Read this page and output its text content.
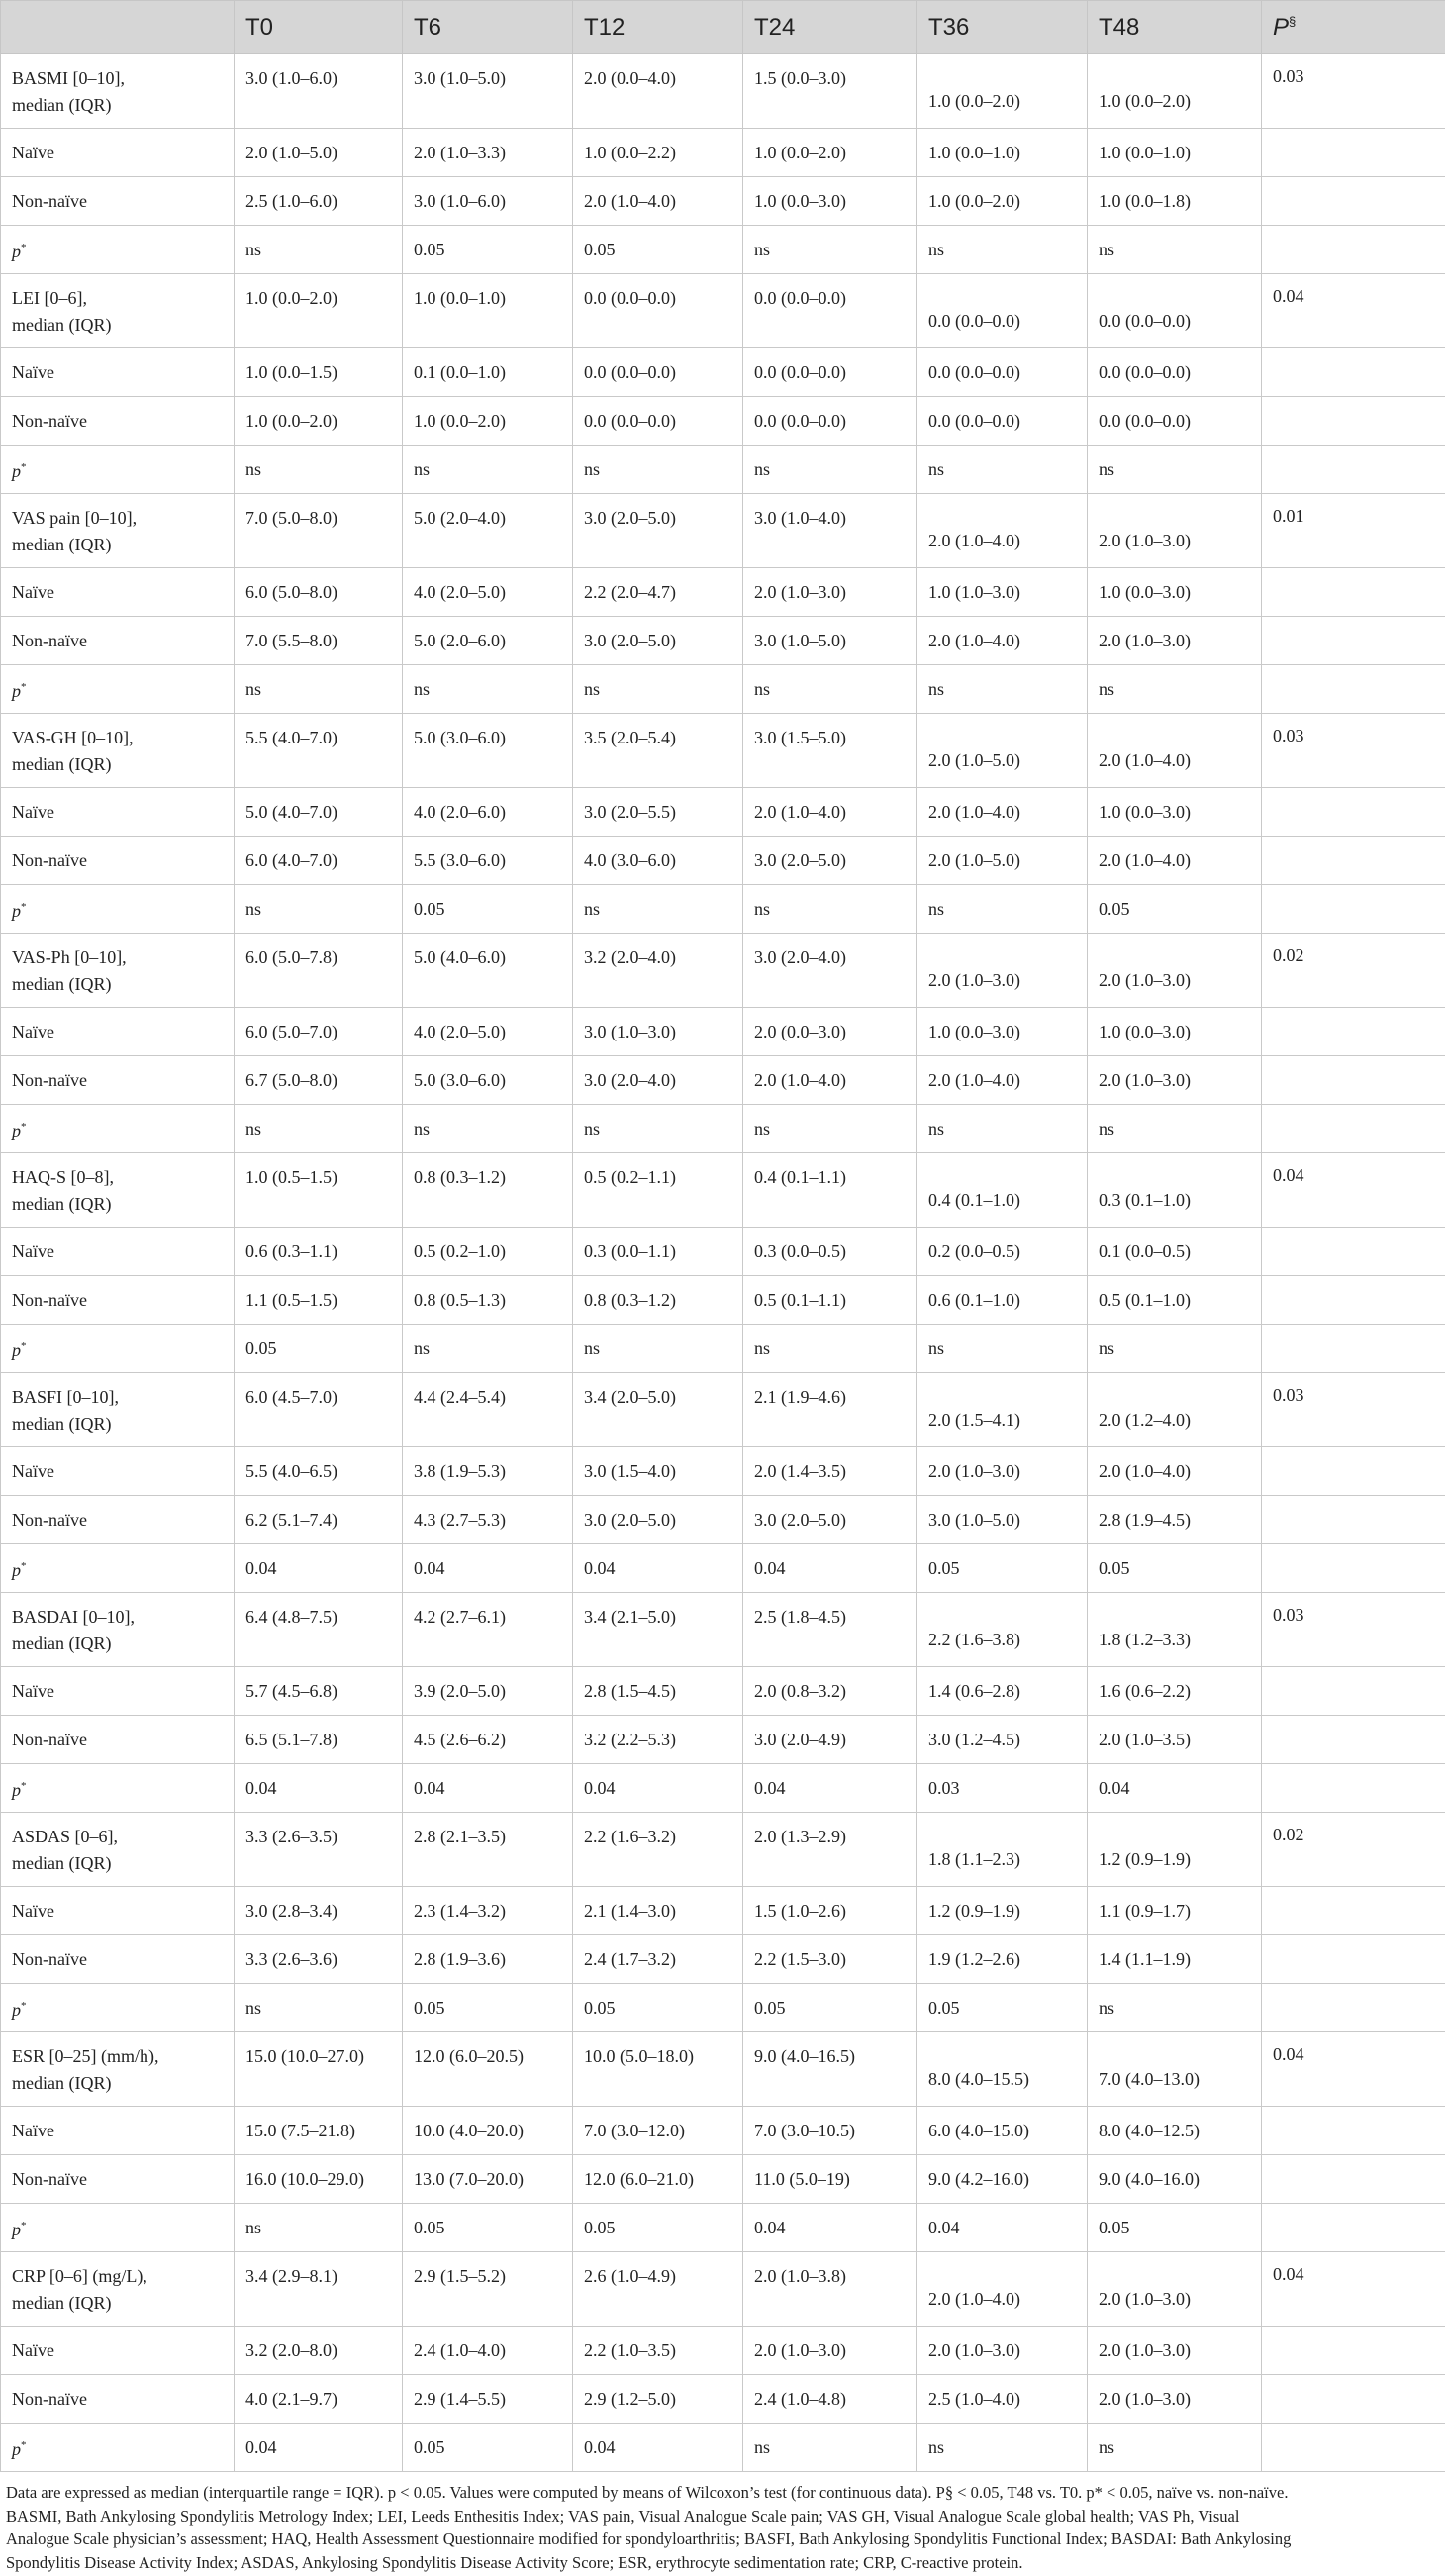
	T0	T6	T12	T24	T36	T48	P§
BASMI [0–10],
median (IQR)	3.0 (1.0–6.0)	3.0 (1.0–5.0)	2.0 (0.0–4.0)	1.5 (0.0–3.0)	1.0 (0.0–2.0)	1.0 (0.0–2.0)	0.03
Naïve	2.0 (1.0–5.0)	2.0 (1.0–3.3)	1.0 (0.0–2.2)	1.0 (0.0–2.0)	1.0 (0.0–1.0)	1.0 (0.0–1.0)	
Non-naïve	2.5 (1.0–6.0)	3.0 (1.0–6.0)	2.0 (1.0–4.0)	1.0 (0.0–3.0)	1.0 (0.0–2.0)	1.0 (0.0–1.8)	
p*	ns	0.05	0.05	ns	ns	ns	
LEI [0–6],
median (IQR)	1.0 (0.0–2.0)	1.0 (0.0–1.0)	0.0 (0.0–0.0)	0.0 (0.0–0.0)	0.0 (0.0–0.0)	0.0 (0.0–0.0)	0.04
Naïve	1.0 (0.0–1.5)	0.1 (0.0–1.0)	0.0 (0.0–0.0)	0.0 (0.0–0.0)	0.0 (0.0–0.0)	0.0 (0.0–0.0)	
Non-naïve	1.0 (0.0–2.0)	1.0 (0.0–2.0)	0.0 (0.0–0.0)	0.0 (0.0–0.0)	0.0 (0.0–0.0)	0.0 (0.0–0.0)	
p*	ns	ns	ns	ns	ns	ns	
VAS pain [0–10],
median (IQR)	7.0 (5.0–8.0)	5.0 (2.0–4.0)	3.0 (2.0–5.0)	3.0 (1.0–4.0)	2.0 (1.0–4.0)	2.0 (1.0–3.0)	0.01
Naïve	6.0 (5.0–8.0)	4.0 (2.0–5.0)	2.2 (2.0–4.7)	2.0 (1.0–3.0)	1.0 (1.0–3.0)	1.0 (0.0–3.0)	
Non-naïve	7.0 (5.5–8.0)	5.0 (2.0–6.0)	3.0 (2.0–5.0)	3.0 (1.0–5.0)	2.0 (1.0–4.0)	2.0 (1.0–3.0)	
p*	ns	ns	ns	ns	ns	ns	
VAS-GH [0–10],
median (IQR)	5.5 (4.0–7.0)	5.0 (3.0–6.0)	3.5 (2.0–5.4)	3.0 (1.5–5.0)	2.0 (1.0–5.0)	2.0 (1.0–4.0)	0.03
Naïve	5.0 (4.0–7.0)	4.0 (2.0–6.0)	3.0 (2.0–5.5)	2.0 (1.0–4.0)	2.0 (1.0–4.0)	1.0 (0.0–3.0)	
Non-naïve	6.0 (4.0–7.0)	5.5 (3.0–6.0)	4.0 (3.0–6.0)	3.0 (2.0–5.0)	2.0 (1.0–5.0)	2.0 (1.0–4.0)	
p*	ns	0.05	ns	ns	ns	0.05	
VAS-Ph [0–10],
median (IQR)	6.0 (5.0–7.8)	5.0 (4.0–6.0)	3.2 (2.0–4.0)	3.0 (2.0–4.0)	2.0 (1.0–3.0)	2.0 (1.0–3.0)	0.02
Naïve	6.0 (5.0–7.0)	4.0 (2.0–5.0)	3.0 (1.0–3.0)	2.0 (0.0–3.0)	1.0 (0.0–3.0)	1.0 (0.0–3.0)	
Non-naïve	6.7 (5.0–8.0)	5.0 (3.0–6.0)	3.0 (2.0–4.0)	2.0 (1.0–4.0)	2.0 (1.0–4.0)	2.0 (1.0–3.0)	
p*	ns	ns	ns	ns	ns	ns	
HAQ-S [0–8],
median (IQR)	1.0 (0.5–1.5)	0.8 (0.3–1.2)	0.5 (0.2–1.1)	0.4 (0.1–1.1)	0.4 (0.1–1.0)	0.3 (0.1–1.0)	0.04
Naïve	0.6 (0.3–1.1)	0.5 (0.2–1.0)	0.3 (0.0–1.1)	0.3 (0.0–0.5)	0.2 (0.0–0.5)	0.1 (0.0–0.5)	
Non-naïve	1.1 (0.5–1.5)	0.8 (0.5–1.3)	0.8 (0.3–1.2)	0.5 (0.1–1.1)	0.6 (0.1–1.0)	0.5 (0.1–1.0)	
p*	0.05	ns	ns	ns	ns	ns	
BASFI [0–10],
median (IQR)	6.0 (4.5–7.0)	4.4 (2.4–5.4)	3.4 (2.0–5.0)	2.1 (1.9–4.6)	2.0 (1.5–4.1)	2.0 (1.2–4.0)	0.03
Naïve	5.5 (4.0–6.5)	3.8 (1.9–5.3)	3.0 (1.5–4.0)	2.0 (1.4–3.5)	2.0 (1.0–3.0)	2.0 (1.0–4.0)	
Non-naïve	6.2 (5.1–7.4)	4.3 (2.7–5.3)	3.0 (2.0–5.0)	3.0 (2.0–5.0)	3.0 (1.0–5.0)	2.8 (1.9–4.5)	
p*	0.04	0.04	0.04	0.04	0.05	0.05	
BASDAI [0–10],
median (IQR)	6.4 (4.8–7.5)	4.2 (2.7–6.1)	3.4 (2.1–5.0)	2.5 (1.8–4.5)	2.2 (1.6–3.8)	1.8 (1.2–3.3)	0.03
Naïve	5.7 (4.5–6.8)	3.9 (2.0–5.0)	2.8 (1.5–4.5)	2.0 (0.8–3.2)	1.4 (0.6–2.8)	1.6 (0.6–2.2)	
Non-naïve	6.5 (5.1–7.8)	4.5 (2.6–6.2)	3.2 (2.2–5.3)	3.0 (2.0–4.9)	3.0 (1.2–4.5)	2.0 (1.0–3.5)	
p*	0.04	0.04	0.04	0.04	0.03	0.04	
ASDAS [0–6],
median (IQR)	3.3 (2.6–3.5)	2.8 (2.1–3.5)	2.2 (1.6–3.2)	2.0 (1.3–2.9)	1.8 (1.1–2.3)	1.2 (0.9–1.9)	0.02
Naïve	3.0 (2.8–3.4)	2.3 (1.4–3.2)	2.1 (1.4–3.0)	1.5 (1.0–2.6)	1.2 (0.9–1.9)	1.1 (0.9–1.7)	
Non-naïve	3.3 (2.6–3.6)	2.8 (1.9–3.6)	2.4 (1.7–3.2)	2.2 (1.5–3.0)	1.9 (1.2–2.6)	1.4 (1.1–1.9)	
p*	ns	0.05	0.05	0.05	0.05	ns	
ESR [0–25] (mm/h),
median (IQR)	15.0 (10.0–27.0)	12.0 (6.0–20.5)	10.0 (5.0–18.0)	9.0 (4.0–16.5)	8.0 (4.0–15.5)	7.0 (4.0–13.0)	0.04
Naïve	15.0 (7.5–21.8)	10.0 (4.0–20.0)	7.0 (3.0–12.0)	7.0 (3.0–10.5)	6.0 (4.0–15.0)	8.0 (4.0–12.5)	
Non-naïve	16.0 (10.0–29.0)	13.0 (7.0–20.0)	12.0 (6.0–21.0)	11.0 (5.0–19)	9.0 (4.2–16.0)	9.0 (4.0–16.0)	
p*	ns	0.05	0.05	0.04	0.04	0.05	
CRP [0–6] (mg/L),
median (IQR)	3.4 (2.9–8.1)	2.9 (1.5–5.2)	2.6 (1.0–4.9)	2.0 (1.0–3.8)	2.0 (1.0–4.0)	2.0 (1.0–3.0)	0.04
Naïve	3.2 (2.0–8.0)	2.4 (1.0–4.0)	2.2 (1.0–3.5)	2.0 (1.0–3.0)	2.0 (1.0–3.0)	2.0 (1.0–3.0)	
Non-naïve	4.0 (2.1–9.7)	2.9 (1.4–5.5)	2.9 (1.2–5.0)	2.4 (1.0–4.8)	2.5 (1.0–4.0)	2.0 (1.0–3.0)	
p*	0.04	0.05	0.04	ns	ns	ns	
Data are expressed as median (interquartile range = IQR). p < 0.05. Values were computed by means of Wilcoxon’s test (for continuous data). P§ < 0.05, T48 vs. T0. p* < 0.05, naïve vs. non-naïve.
BASMI, Bath Ankylosing Spondylitis Metrology Index; LEI, Leeds Enthesitis Index; VAS pain, Visual Analogue Scale pain; VAS GH, Visual Analogue Scale global health; VAS Ph, Visual
Analogue Scale physician’s assessment; HAQ, Health Assessment Questionnaire modified for spondyloarthritis; BASFI, Bath Ankylosing Spondylitis Functional Index; BASDAI: Bath Ankylosing
Spondylitis Disease Activity Index; ASDAS, Ankylosing Spondylitis Disease Activity Score; ESR, erythrocyte sedimentation rate; CRP, C-reactive protein.
